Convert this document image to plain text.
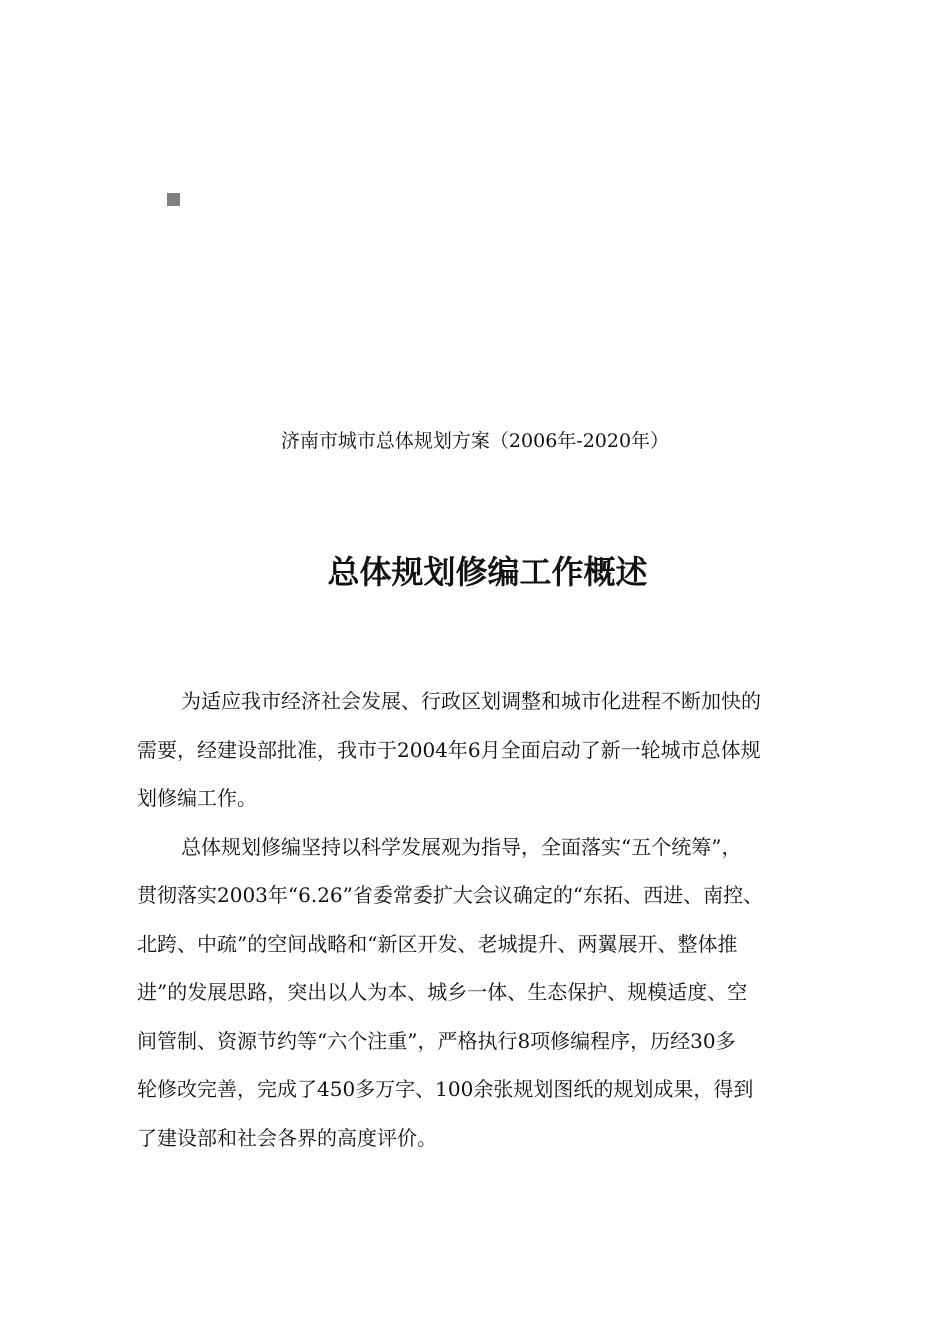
济南市城市总体规划方案（2006年-2020年）
总体规划修编工作概述
为适应我市经济社会发展、行政区划调整和城市化进程不断加快的
需要，经建设部批准，我市于2004年6月全面启动了新一轮城市总体规
划修编工作。
总体规划修编坚持以科学发展观为指导，全面落实“五个统筹”，
贯彻落实2003年“6.26”省委常委扩大会议确定的“东拓、西进、南控、
北跨、中疏”的空间战略和“新区开发、老城提升、两翼展开、整体推
进”的发展思路，突出以人为本、城乡一体、生态保护、规模适度、空
间管制、资源节约等“六个注重”，严格执行8项修编程序，历经30多
轮修改完善，完成了450多万字、100余张规划图纸的规划成果，得到
了建设部和社会各界的高度评价。
